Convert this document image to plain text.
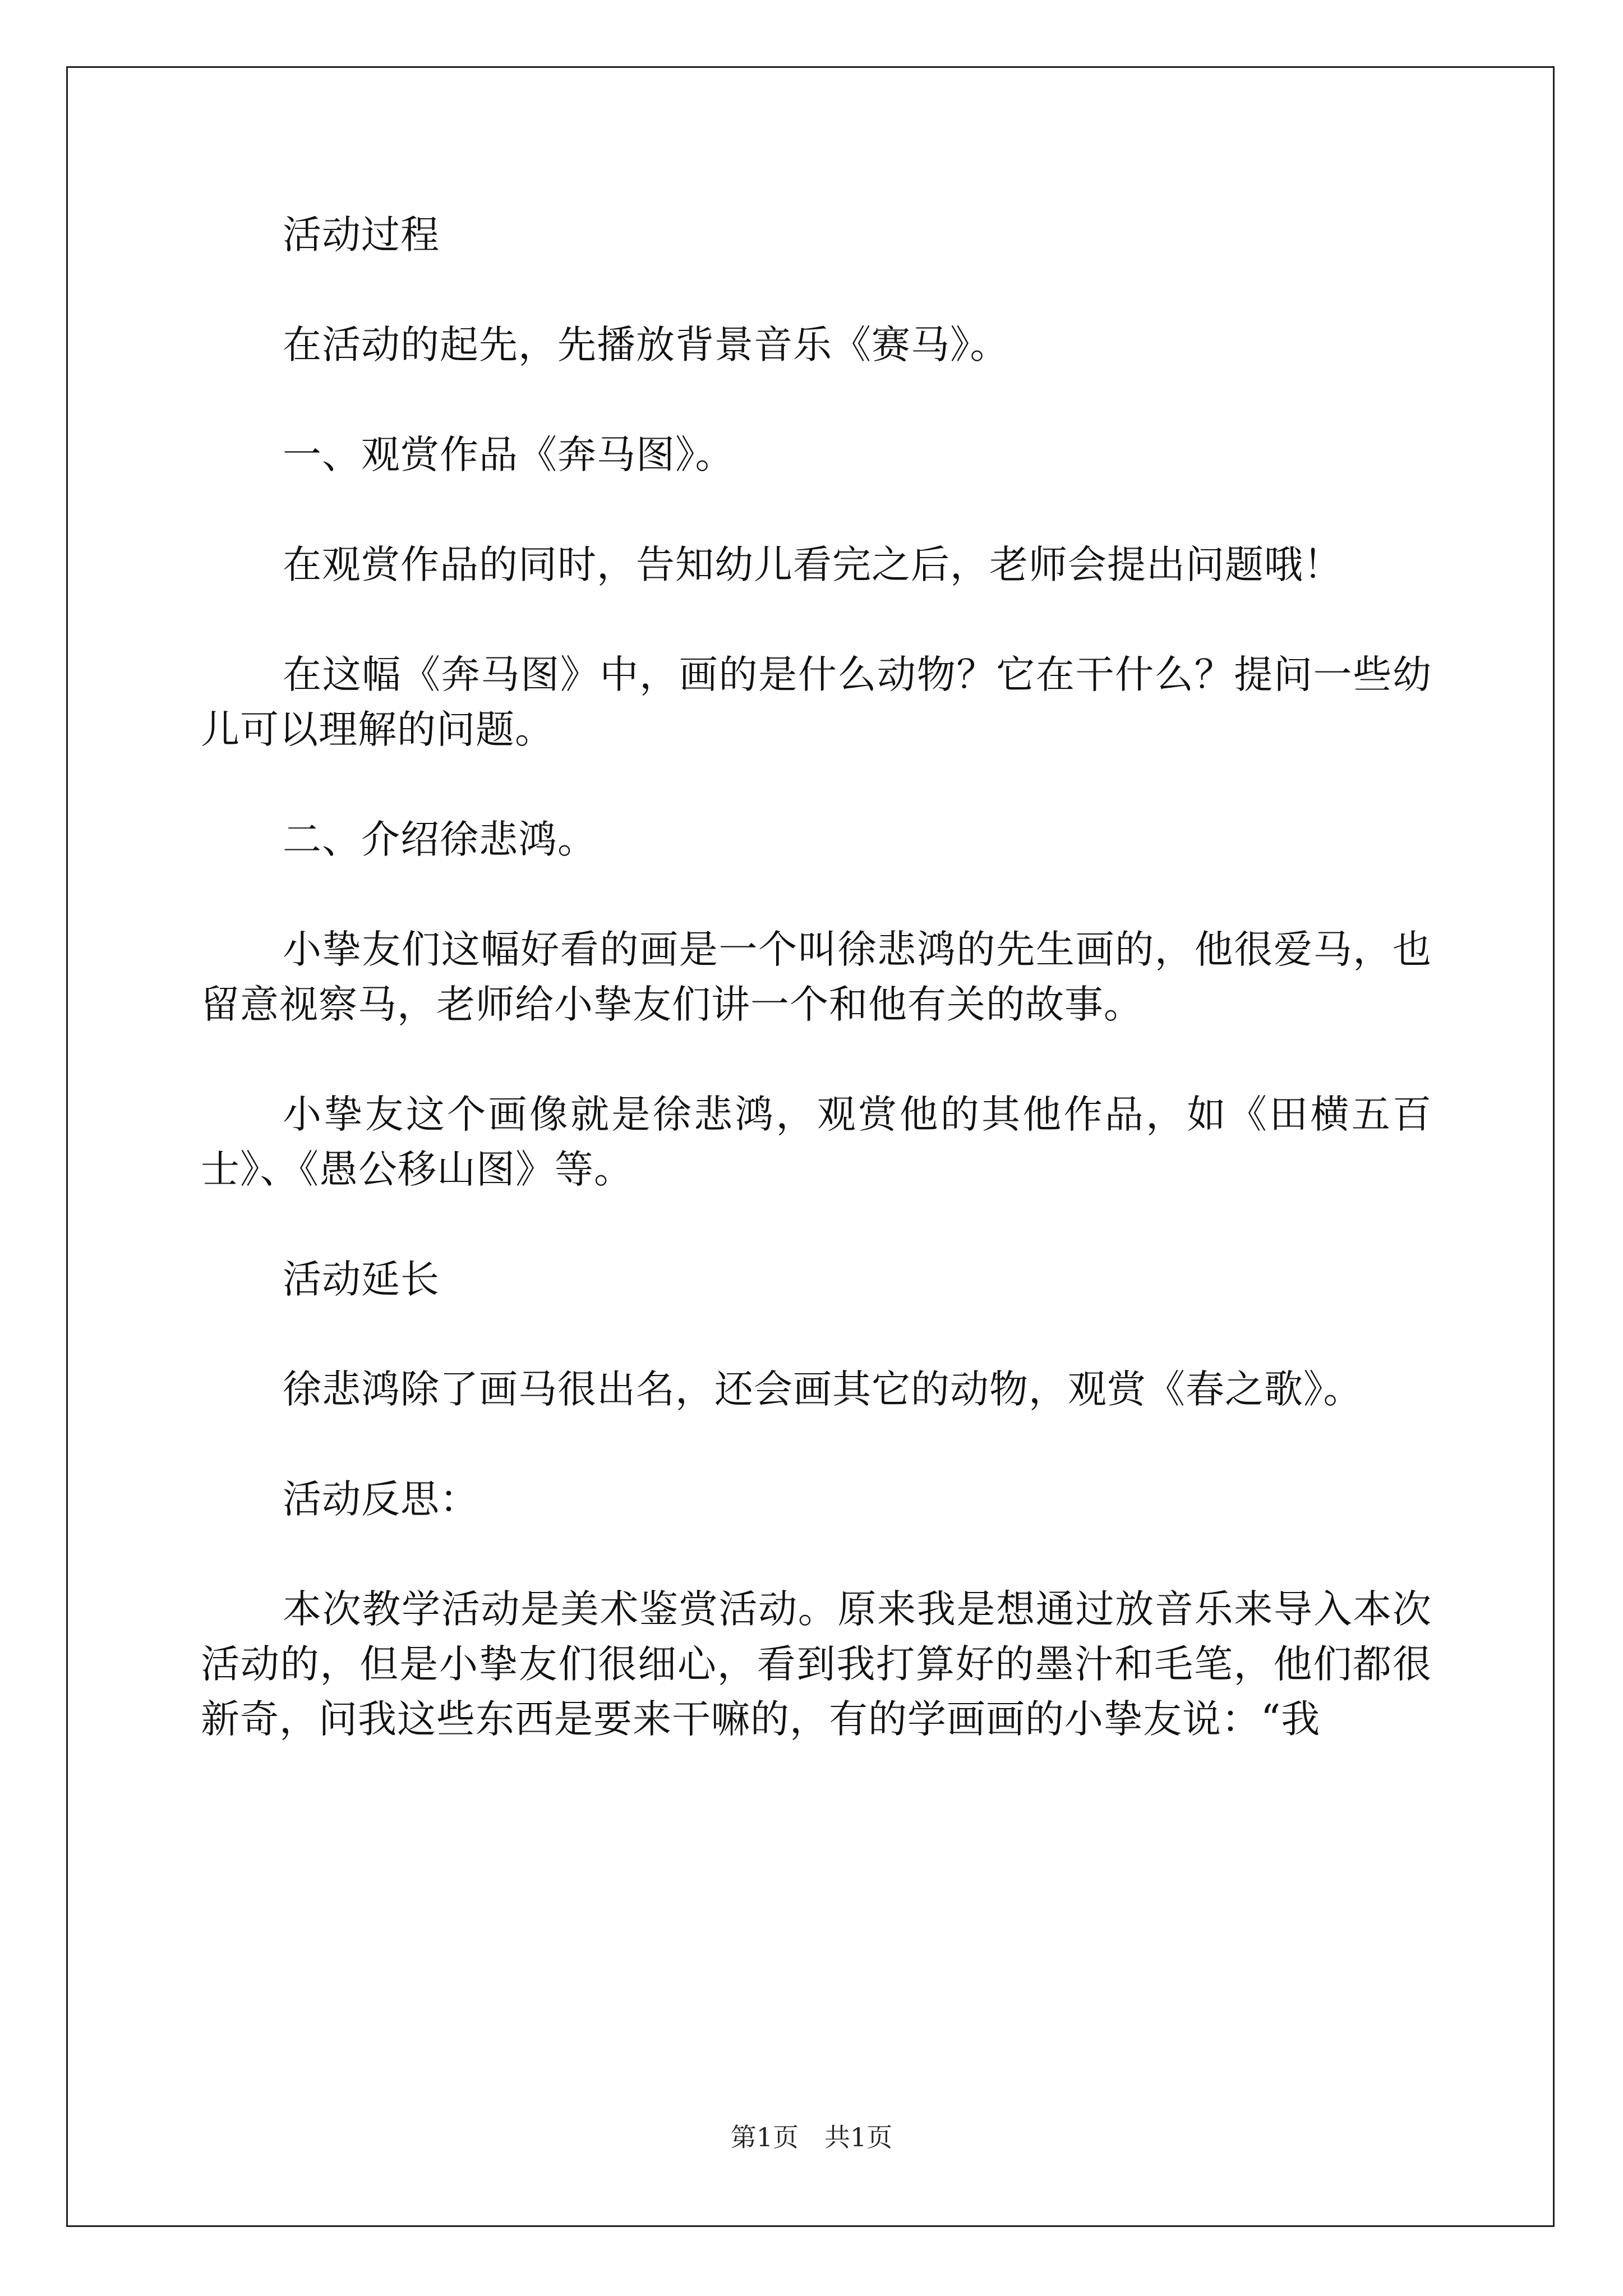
活动过程

在活动的起先，先播放背景音乐《赛马》。

一、观赏作品《奔马图》。

在观赏作品的同时，告知幼儿看完之后，老师会提出问题哦！

在这幅《奔马图》中，画的是什么动物？它在干什么？提问一些幼儿可以理解的问题。

二、介绍徐悲鸿。

小挚友们这幅好看的画是一个叫徐悲鸿的先生画的，他很爱马，也留意视察马，老师给小挚友们讲一个和他有关的故事。

小挚友这个画像就是徐悲鸿，观赏他的其他作品，如《田横五百士》、《愚公移山图》等。

活动延长

徐悲鸿除了画马很出名，还会画其它的动物，观赏《春之歌》。

活动反思：

本次教学活动是美术鉴赏活动。原来我是想通过放音乐来导入本次活动的，但是小挚友们很细心，看到我打算好的墨汁和毛笔，他们都很新奇，问我这些东西是要来干嘛的，有的学画画的小挚友说：“我

第1页　共1页
